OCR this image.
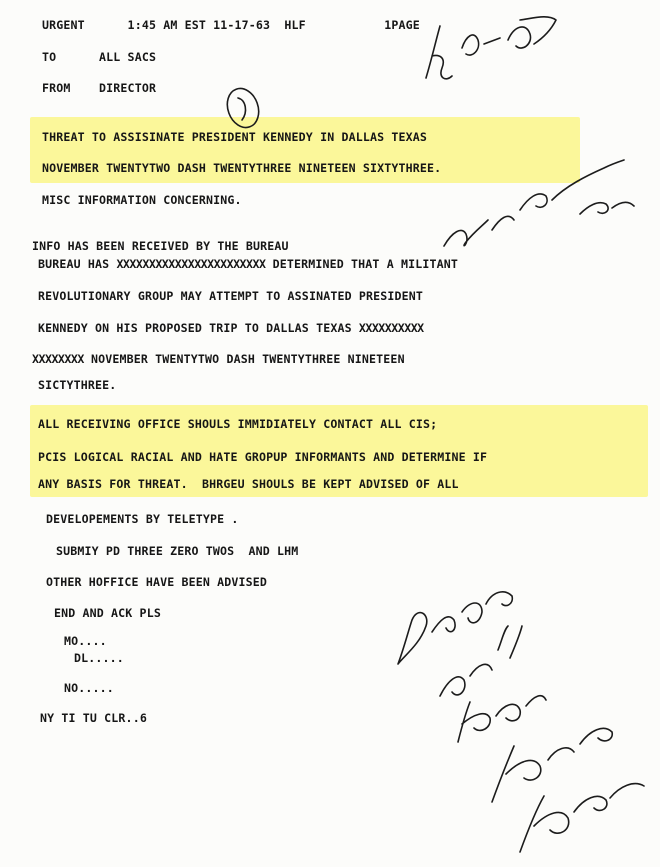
URGENT      1:45 AM EST 11-17-63  HLF           1PAGE
TO      ALL SACS
FROM    DIRECTOR
THREAT TO ASSISINATE PRESIDENT KENNEDY IN DALLAS TEXAS
NOVEMBER TWENTYTWO DASH TWENTYTHREE NINETEEN SIXTYTHREE.
MISC INFORMATION CONCERNING.
INFO HAS BEEN RECEIVED BY THE BUREAU
BUREAU HAS XXXXXXXXXXXXXXXXXXXXXXX DETERMINED THAT A MILITANT
REVOLUTIONARY GROUP MAY ATTEMPT TO ASSINATED PRESIDENT
KENNEDY ON HIS PROPOSED TRIP TO DALLAS TEXAS XXXXXXXXXX
XXXXXXXX NOVEMBER TWENTYTWO DASH TWENTYTHREE NINETEEN
SICTYTHREE.
ALL RECEIVING OFFICE SHOULS IMMIDIATELY CONTACT ALL CIS;
PCIS LOGICAL RACIAL AND HATE GROPUP INFORMANTS AND DETERMINE IF
ANY BASIS FOR THREAT.  BHRGEU SHOULS BE KEPT ADVISED OF ALL
DEVELOPEMENTS BY TELETYPE .
SUBMIY PD THREE ZERO TWOS  AND LHM
OTHER HOFFICE HAVE BEEN ADVISED
END AND ACK PLS
MO....
DL.....
NO.....
NY TI TU CLR..6
